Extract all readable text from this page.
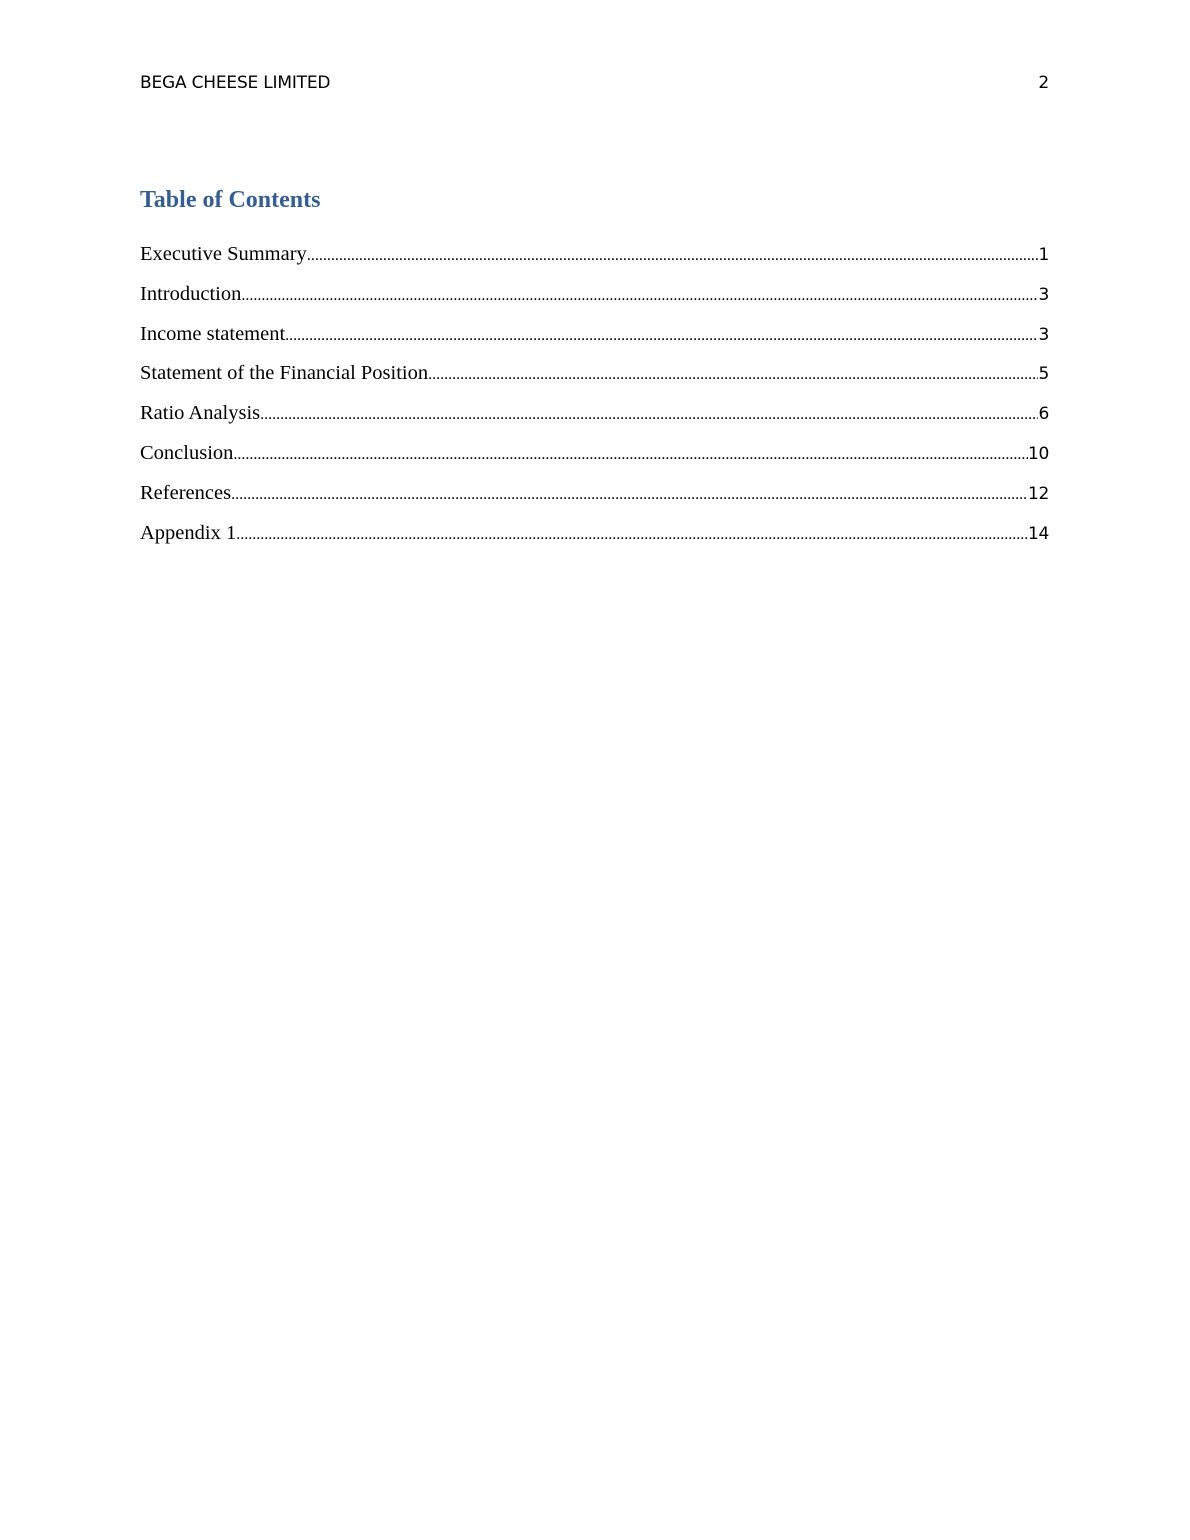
BEGA CHEESE LIMITED	2
Table of Contents
Executive Summary .....	1
Introduction .....	3
Income statement .....	3
Statement of the Financial Position .....	5
Ratio Analysis .....	6
Conclusion .....	10
References .....	12
Appendix 1 .....	14
